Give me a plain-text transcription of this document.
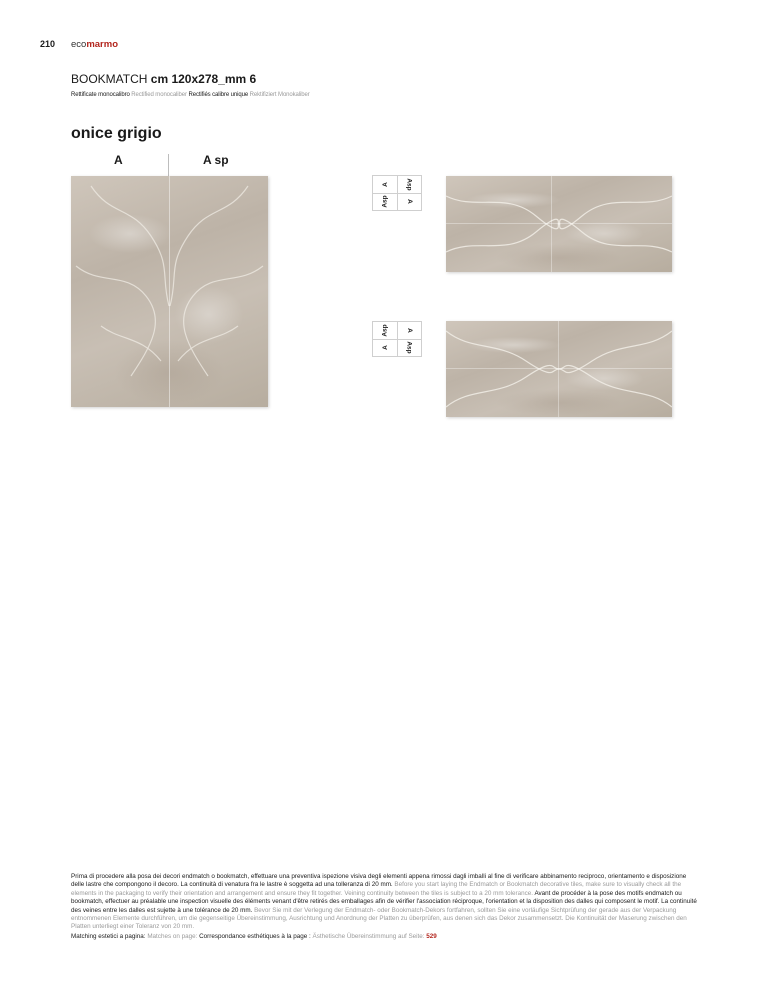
210 ecomarmo
BOOKMATCH cm 120x278_mm 6
Rettificate monocalibro Rectified monocaliber Rectifiés calibre unique Rektifiziert Monokaliber
onice grigio
A	A sp
A	Asp
Asp	A
Asp	A
A	Asp
Prima di procedere alla posa dei decori endmatch o bookmatch, effettuare una preventiva ispezione visiva degli elementi appena rimossi dagli imballi al fine di verificare abbinamento reciproco, orientamento e disposizione delle lastre che compongono il decoro. La continuità di venatura fra le lastre è soggetta ad una tolleranza di 20 mm. Before you start laying the Endmatch or Bookmatch decorative tiles, make sure to visually check all the elements in the packaging to verify their orientation and arrangement and ensure they fit together. Veining continuity between the tiles is subject to a 20 mm tolerance. Avant de procéder à la pose des motifs endmatch ou bookmatch, effectuer au préalable une inspection visuelle des éléments venant d'être retirés des emballages afin de vérifier l'association réciproque, l'orientation et la disposition des dalles qui composent le motif. La continuité des veines entre les dalles est sujette à une tolérance de 20 mm. Bevor Sie mit der Verlegung der Endmatch- oder Bookmatch-Dekors fortfahren, sollten Sie eine vorläufige Sichtprüfung der gerade aus der Verpackung entnommenen Elemente durchführen, um die gegenseitige Übereinstimmung, Ausrichtung und Anordnung der Platten zu überprüfen, aus denen sich das Dekor zusammensetzt. Die Kontinuität der Maserung zwischen den Platten unterliegt einer Toleranz von 20 mm.
Matching estetici a pagina: Matches on page: Correspondance esthétiques à la page : Ästhetische Übereinstimmung auf Seite: 529
